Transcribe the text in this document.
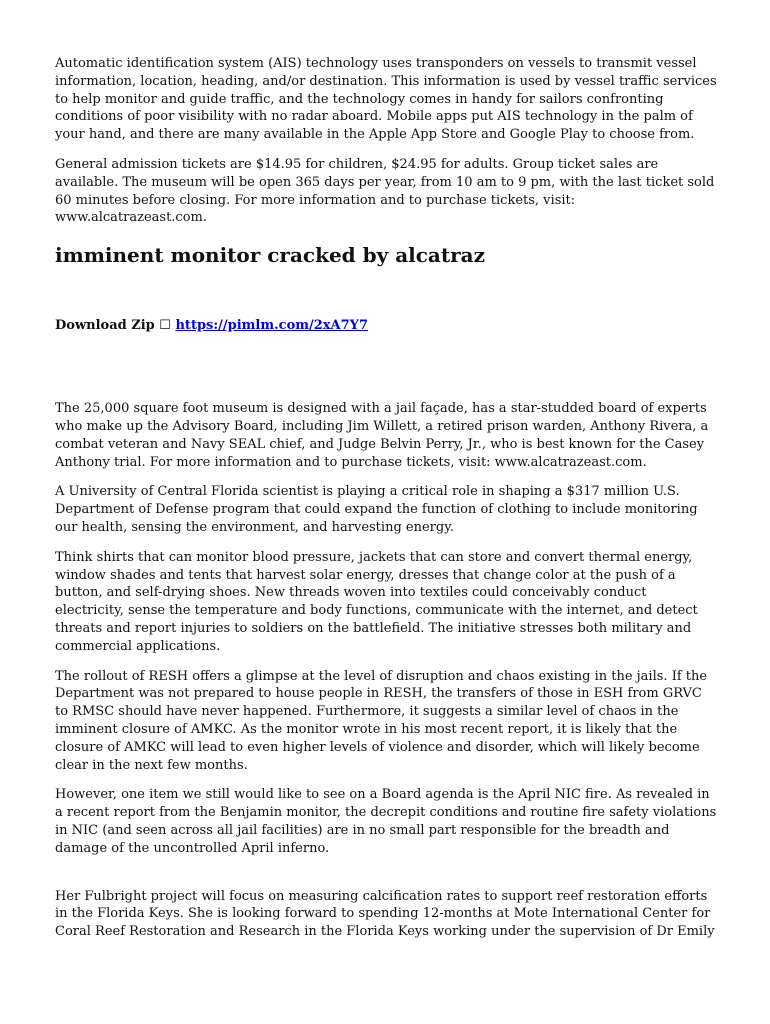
Automatic identification system (AIS) technology uses transponders on vessels to transmit vessel information, location, heading, and/or destination. This information is used by vessel traffic services to help monitor and guide traffic, and the technology comes in handy for sailors confronting conditions of poor visibility with no radar aboard. Mobile apps put AIS technology in the palm of your hand, and there are many available in the Apple App Store and Google Play to choose from.

General admission tickets are $14.95 for children, $24.95 for adults. Group ticket sales are available. The museum will be open 365 days per year, from 10 am to 9 pm, with the last ticket sold 60 minutes before closing. For more information and to purchase tickets, visit: www.alcatrazeast.com.

imminent monitor cracked by alcatraz
Download Zip ☐ https://pimlm.com/2xA7Y7

The 25,000 square foot museum is designed with a jail façade, has a star-studded board of experts who make up the Advisory Board, including Jim Willett, a retired prison warden, Anthony Rivera, a combat veteran and Navy SEAL chief, and Judge Belvin Perry, Jr., who is best known for the Casey Anthony trial. For more information and to purchase tickets, visit: www.alcatrazeast.com.

A University of Central Florida scientist is playing a critical role in shaping a $317 million U.S. Department of Defense program that could expand the function of clothing to include monitoring our health, sensing the environment, and harvesting energy.

Think shirts that can monitor blood pressure, jackets that can store and convert thermal energy, window shades and tents that harvest solar energy, dresses that change color at the push of a button, and self-drying shoes. New threads woven into textiles could conceivably conduct electricity, sense the temperature and body functions, communicate with the internet, and detect threats and report injuries to soldiers on the battlefield. The initiative stresses both military and commercial applications.

The rollout of RESH offers a glimpse at the level of disruption and chaos existing in the jails. If the Department was not prepared to house people in RESH, the transfers of those in ESH from GRVC to RMSC should have never happened. Furthermore, it suggests a similar level of chaos in the imminent closure of AMKC. As the monitor wrote in his most recent report, it is likely that the closure of AMKC will lead to even higher levels of violence and disorder, which will likely become clear in the next few months.

However, one item we still would like to see on a Board agenda is the April NIC fire. As revealed in a recent report from the Benjamin monitor, the decrepit conditions and routine fire safety violations in NIC (and seen across all jail facilities) are in no small part responsible for the breadth and damage of the uncontrolled April inferno.

Her Fulbright project will focus on measuring calcification rates to support reef restoration efforts in the Florida Keys. She is looking forward to spending 12-months at Mote International Center for Coral Reef Restoration and Research in the Florida Keys working under the supervision of Dr Emily
